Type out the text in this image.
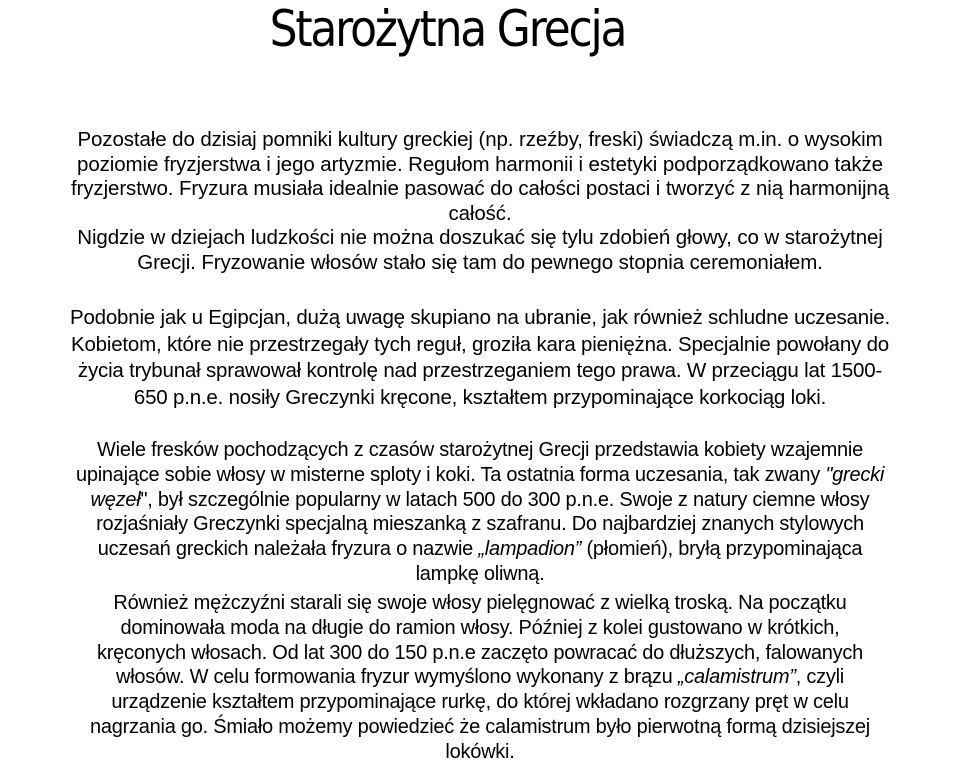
Starożytna Grecja
Pozostałe do dzisiaj pomniki kultury greckiej (np. rzeźby, freski) świadczą m.in. o wysokim
poziomie fryzjerstwa i jego artyzmie. Regułom harmonii i estetyki podporządkowano także
fryzjerstwo. Fryzura musiała idealnie pasować do całości postaci i tworzyć z nią harmonijną
całość.
Nigdzie w dziejach ludzkości nie można doszukać się tylu zdobień głowy, co w starożytnej
Grecji. Fryzowanie włosów stało się tam do pewnego stopnia ceremoniałem.
Podobnie jak u Egipcjan, dużą uwagę skupiano na ubranie, jak również schludne uczesanie.
Kobietom, które nie przestrzegały tych reguł, groziła kara pieniężna. Specjalnie powołany do
życia trybunał sprawował kontrolę nad przestrzeganiem tego prawa. W przeciągu lat 1500-
650 p.n.e. nosiły Greczynki kręcone, kształtem przypominające korkociąg loki.
Wiele fresków pochodzących z czasów starożytnej Grecji przedstawia kobiety wzajemnie
upinające sobie włosy w misterne sploty i koki. Ta ostatnia forma uczesania, tak zwany "grecki
węzeł", był szczególnie popularny w latach 500 do 300 p.n.e. Swoje z natury ciemne włosy
rozjaśniały Greczynki specjalną mieszanką z szafranu. Do najbardziej znanych stylowych
uczesań greckich należała fryzura o nazwie „lampadion” (płomień), bryłą przypominająca
lampkę oliwną.
Również mężczyźni starali się swoje włosy pielęgnować z wielką troską. Na początku
dominowała moda na długie do ramion włosy. Później z kolei gustowano w krótkich,
kręconych włosach. Od lat 300 do 150 p.n.e zaczęto powracać do dłuższych, falowanych
włosów. W celu formowania fryzur wymyślono wykonany z brązu „calamistrum”, czyli
urządzenie kształtem przypominające rurkę, do której wkładano rozgrzany pręt w celu
nagrzania go. Śmiało możemy powiedzieć że calamistrum było pierwotną formą dzisiejszej
lokówki.
